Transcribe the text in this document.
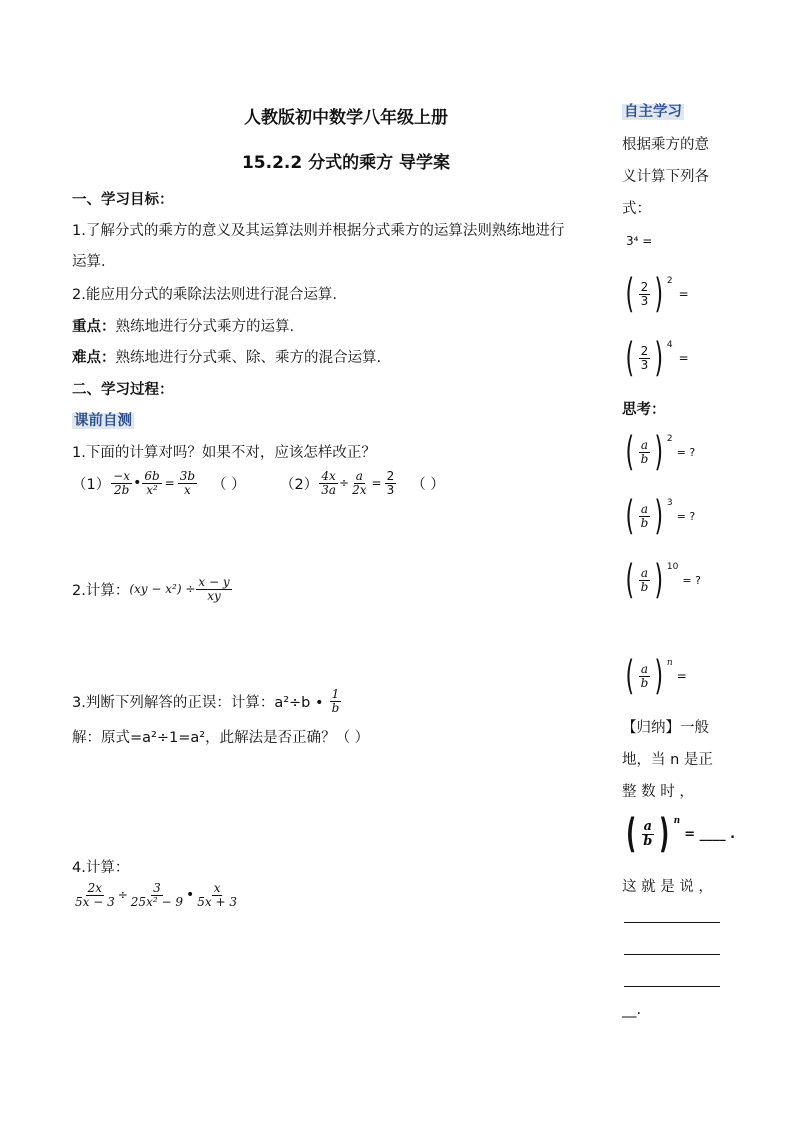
人教版初中数学八年级上册
15.2.2 分式的乘方 导学案
一、学习目标：
1.了解分式的乘方的意义及其运算法则并根据分式乘方的运算法则熟练地进行
运算.
2.能应用分式的乘除法法则进行混合运算.
重点：熟练地进行分式乘方的运算.
难点：熟练地进行分式乘、除、乘方的混合运算.
二、学习过程：
课前自测
1.下面的计算对吗？如果不对，应该怎样改正？
$(1) \frac{-x}{2b}$ • $\frac{6b}{\text{x²}} = \frac{3b}{x}$ （ ） $(2) \frac{4x}{3a} \div \frac{a}{2x} = \frac{2}{3}$ （ ）
2.计算： $(xy - x^2) \div \frac{x - y}{xy}$
3.判断下列解答的正误：计算：a²÷b • $\frac{1}{b}$
解：原式=a²÷1=a²，此解法是否正确？（ ）
4.计算：
$\frac{2x}{5x - 3} \div \frac{3}{\text{25x² − 9}}$ • $\frac{x}{5x + 3}$
自主学习
根据乘方的意
义计算下列各
式：
3⁴ =
( $\frac{2}{3}$ ) 2
=
( $\frac{2}{3}$ ) 4
=
思考：
( $\frac{a}{b}$ ) 2
= ?
( $\frac{a}{b}$ ) 3
= ?
( $\frac{a}{b}$ ) 10
= ?
( $\frac{a}{b}$ ) n
=
【归纳】一般
地，当 n 是正
整 数 时 ，
( $\frac{a}{b}$ ) n
= ____ .
这 就 是 说 ，
__.
